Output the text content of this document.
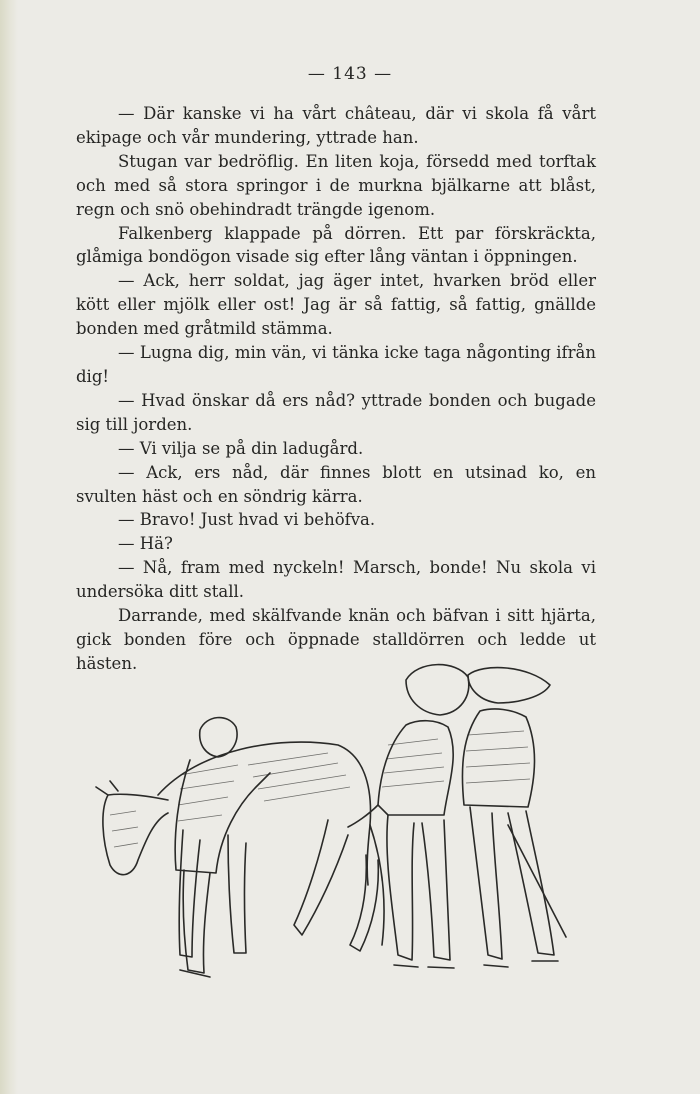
— 143 —

— Där kanske vi ha vårt château, där vi skola få vårt ekipage och vår mundering, yttrade han.

Stugan var bedröflig. En liten koja, försedd med torftak och med så stora springor i de murkna bjälkarne att blåst, regn och snö obehindradt trängde igenom.

Falkenberg klappade på dörren. Ett par förskräckta, glåmiga bondögon visade sig efter lång väntan i öppningen.

— Ack, herr soldat, jag äger intet, hvarken bröd eller kött eller mjölk eller ost! Jag är så fattig, så fattig, gnällde bonden med gråtmild stämma.

— Lugna dig, min vän, vi tänka icke taga någonting ifrån dig!

— Hvad önskar då ers nåd? yttrade bonden och bugade sig till jorden.

— Vi vilja se på din ladugård.

— Ack, ers nåd, där finnes blott en utsinad ko, en svulten häst och en söndrig kärra.

— Bravo! Just hvad vi behöfva.

— Hä?

— Nå, fram med nyckeln! Marsch, bonde! Nu skola vi undersöka ditt stall.

Darrande, med skälfvande knän och bäfvan i sitt hjärta, gick bonden före och öppnade stalldörren och ledde ut hästen.
